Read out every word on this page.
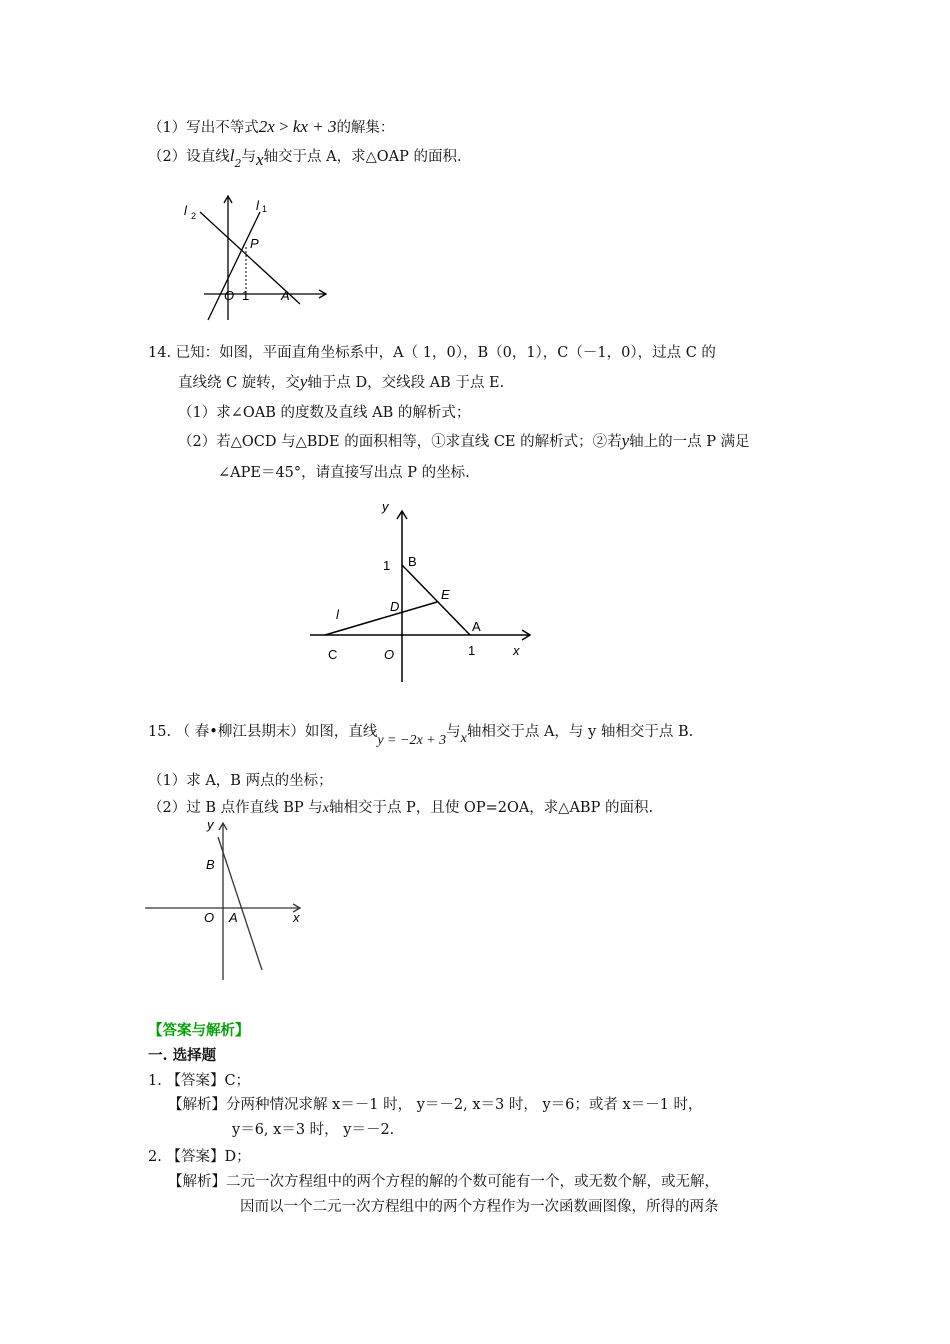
（1）写出不等式2x > kx + 3的解集：
（2）设直线$l_2$与x轴交于点 A，求△OAP 的面积．
l 2
l 1
P
O 1 A
14. 已知：如图，平面直角坐标系中，A（ 1，0），B（0，1），C（－1，0），过点 C 的
直线绕 C 旋转，交y轴于点 D，交线段 AB 于点 E.
（1）求∠OAB 的度数及直线 AB 的解析式；
（2）若△OCD 与△BDE 的面积相等，①求直线 CE 的解析式；②若y轴上的一点 P 满足
∠APE＝45°，请直接写出点 P 的坐标.
y
B
1
E
D
l
A
C	O	1	x
15. （ 春•柳江县期末）如图，直线y = −2x + 3与x轴相交于点 A，与 y 轴相交于点 B.
（1）求 A，B 两点的坐标；
（2）过 B 点作直线 BP 与x轴相交于点 P，且使 OP=2OA，求△ABP 的面积.
y
B
O A	x
【答案与解析】
一. 选择题
1. 【答案】C；
【解析】分两种情况求解 x＝－1 时， y＝－2, x＝3 时， y＝6；或者 x＝－1 时，
y＝6, x＝3 时， y＝－2.
2. 【答案】D；
【解析】二元一次方程组中的两个方程的解的个数可能有一个，或无数个解，或无解，
因而以一个二元一次方程组中的两个方程作为一次函数画图像，所得的两条
